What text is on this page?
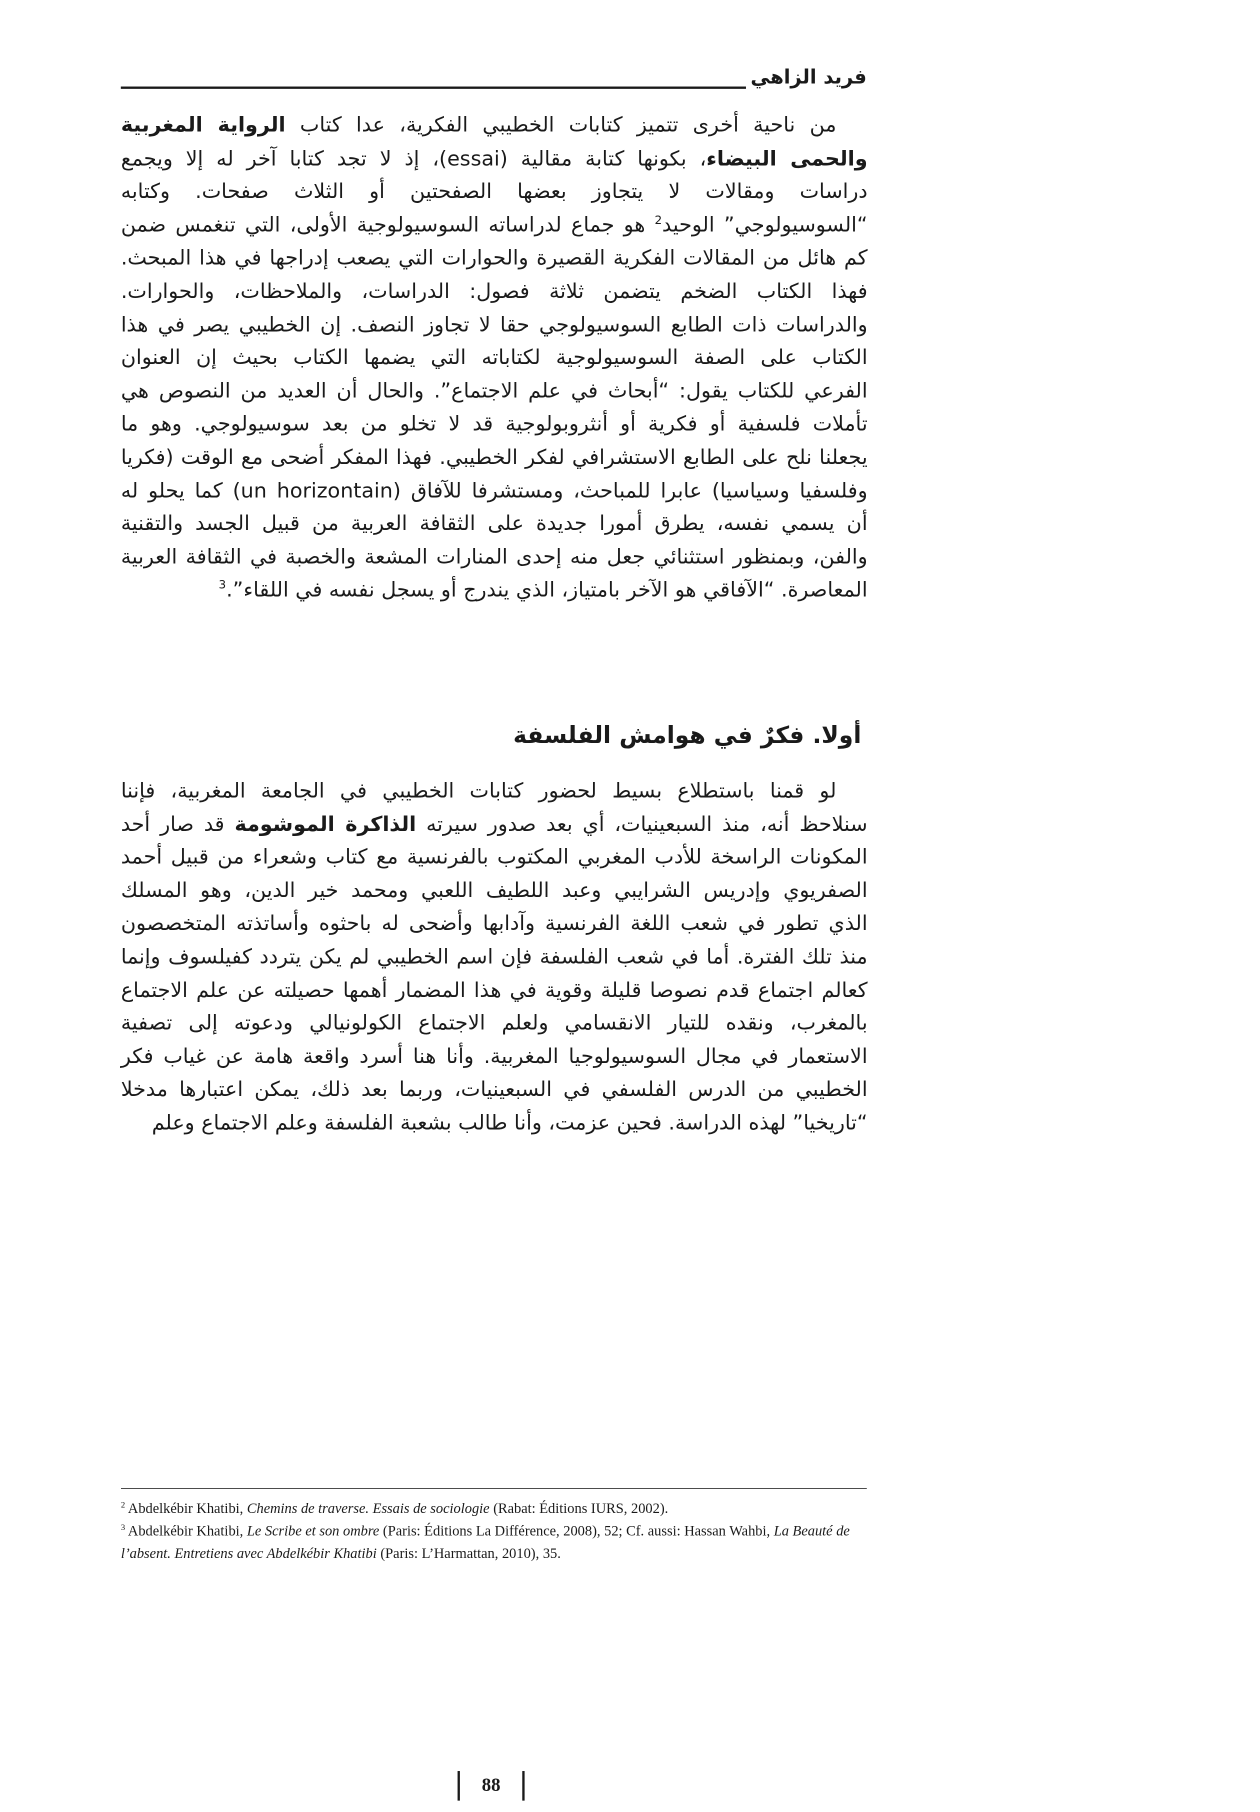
فريد الزاهي
من ناحية أخرى تتميز كتابات الخطيبي الفكرية، عدا كتاب الرواية المغربية
والحمى البيضاء، بكونها كتابة مقالية (essai)، إذ لا تجد كتابا آخر له إلا ويجمع
دراسات ومقالات لا يتجاوز بعضها الصفحتين أو الثلاث صفحات. وكتابه
“السوسيولوجي” الوحيد$^2$ هو جماع لدراساته السوسيولوجية الأولى، التي تنغمس ضمن
كم هائل من المقالات الفكرية القصيرة والحوارات التي يصعب إدراجها في هذا المبحث.
فهذا الكتاب الضخم يتضمن ثلاثة فصول: الدراسات، والملاحظات، والحوارات.
والدراسات ذات الطابع السوسيولوجي حقا لا تجاوز النصف. إن الخطيبي يصر في هذا
الكتاب على الصفة السوسيولوجية لكتاباته التي يضمها الكتاب بحيث إن العنوان
الفرعي للكتاب يقول: “أبحاث في علم الاجتماع”. والحال أن العديد من النصوص هي
تأملات فلسفية أو فكرية أو أنثروبولوجية قد لا تخلو من بعد سوسيولوجي. وهو ما
يجعلنا نلح على الطابع الاستشرافي لفكر الخطيبي. فهذا المفكر أضحى مع الوقت (فكريا
وفلسفيا وسياسيا) عابرا للمباحث، ومستشرفا للآفاق (un horizontain) كما يحلو له
أن يسمي نفسه، يطرق أمورا جديدة على الثقافة العربية من قبيل الجسد والتقنية
والفن، وبمنظور استثنائي جعل منه إحدى المنارات المشعة والخصبة في الثقافة العربية
المعاصرة. “الآفاقي هو الآخر بامتياز، الذي يندرج أو يسجل نفسه في اللقاء”.$^3$
أولا. فكرٌ في هوامش الفلسفة
لو قمنا باستطلاع بسيط لحضور كتابات الخطيبي في الجامعة المغربية، فإننا
سنلاحظ أنه، منذ السبعينيات، أي بعد صدور سيرته الذاكرة الموشومة قد صار أحد
المكونات الراسخة للأدب المغربي المكتوب بالفرنسية مع كتاب وشعراء من قبيل أحمد
الصفريوي وإدريس الشرايبي وعبد اللطيف اللعبي ومحمد خير الدين، وهو المسلك
الذي تطور في شعب اللغة الفرنسية وآدابها وأضحى له باحثوه وأساتذته المتخصصون
منذ تلك الفترة. أما في شعب الفلسفة فإن اسم الخطيبي لم يكن يتردد كفيلسوف وإنما
كعالم اجتماع قدم نصوصا قليلة وقوية في هذا المضمار أهمها حصيلته عن علم الاجتماع
بالمغرب، ونقده للتيار الانقسامي ولعلم الاجتماع الكولونيالي ودعوته إلى تصفية
الاستعمار في مجال السوسيولوجيا المغربية. وأنا هنا أسرد واقعة هامة عن غياب فكر
الخطيبي من الدرس الفلسفي في السبعينيات، وربما بعد ذلك، يمكن اعتبارها مدخلا
“تاريخيا” لهذه الدراسة. فحين عزمت، وأنا طالب بشعبة الفلسفة وعلم الاجتماع وعلم
$^2$ Abdelkébir Khatibi, Chemins de traverse. Essais de sociologie (Rabat: Éditions IURS, 2002).
$^3$ Abdelkébir Khatibi, Le Scribe et son ombre (Paris: Éditions La Différence, 2008), 52; Cf. aussi: Hassan Wahbi, La Beauté de l’absent. Entretiens avec Abdelkébir Khatibi (Paris: L’Harmattan, 2010), 35.
88
